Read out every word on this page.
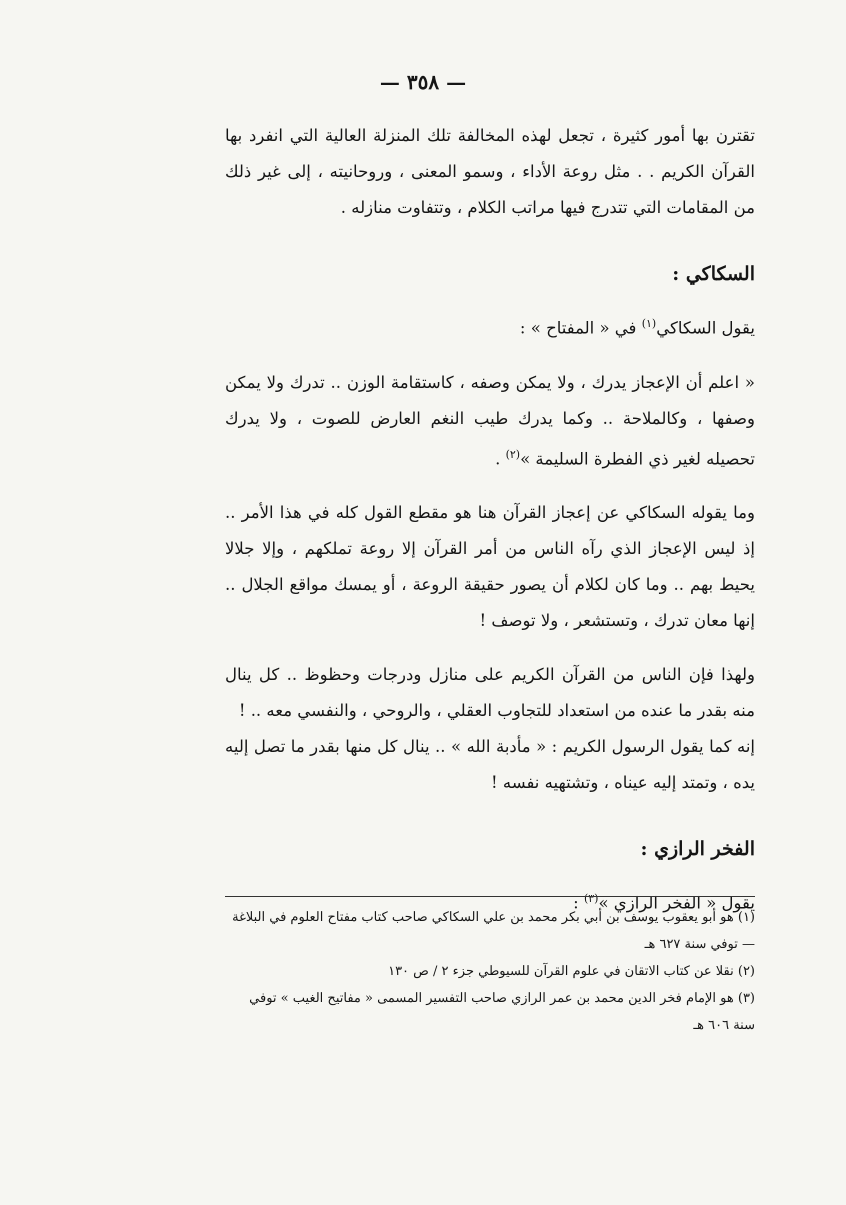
— ٣٥٨ —

تقترن بها أمور كثيرة ، تجعل لهذه المخالفة تلك المنزلة العالية التي انفرد بها القرآن الكريم . . مثل روعة الأداء ، وسمو المعنى ، وروحانيته ، إلى غير ذلك من المقامات التي تتدرج فيها مراتب الكلام ، وتتفاوت منازله .

السكاكي :

يقول السكاكي$^{(١)}$ في « المفتاح » :

« اعلم أن الإعجاز يدرك ، ولا يمكن وصفه ، كاستقامة الوزن .. تدرك ولا يمكن وصفها ، وكالملاحة .. وكما يدرك طيب النغم العارض للصوت ، ولا يدرك تحصيله لغير ذي الفطرة السليمة »$^{(٢)}$ .

وما يقوله السكاكي عن إعجاز القرآن هنا هو مقطع القول كله في هذا الأمر .. إذ ليس الإعجاز الذي رآه الناس من أمر القرآن إلا روعة تملكهم ، وإلا جلالا يحيط بهم .. وما كان لكلام أن يصور حقيقة الروعة ، أو يمسك مواقع الجلال .. إنها معان تدرك ، وتستشعر ، ولا توصف !

ولهذا فإن الناس من القرآن الكريم على منازل ودرجات وحظوظ .. كل ينال منه بقدر ما عنده من استعداد للتجاوب العقلي ، والروحي ، والنفسي معه .. !

إنه كما يقول الرسول الكريم : « مأدبة الله » .. ينال كل منها بقدر ما تصل إليه يده ، وتمتد إليه عيناه ، وتشتهيه نفسه !

الفخر الرازي :

يقول « الفخر الرازي »$^{(٣)}$ :

(١) هو أبو يعقوب يوسف بن أبي بكر محمد بن علي السكاكي صاحب كتاب مفتاح العلوم في البلاغة — توفي سنة ٦٢٧ هـ

(٢) نقلا عن كتاب الاتقان في علوم القرآن للسيوطي جزء ٢ / ص ١٣٠

(٣) هو الإمام فخر الدين محمد بن عمر الرازي صاحب التفسير المسمى « مفاتيح الغيب » توفي سنة ٦٠٦ هـ
